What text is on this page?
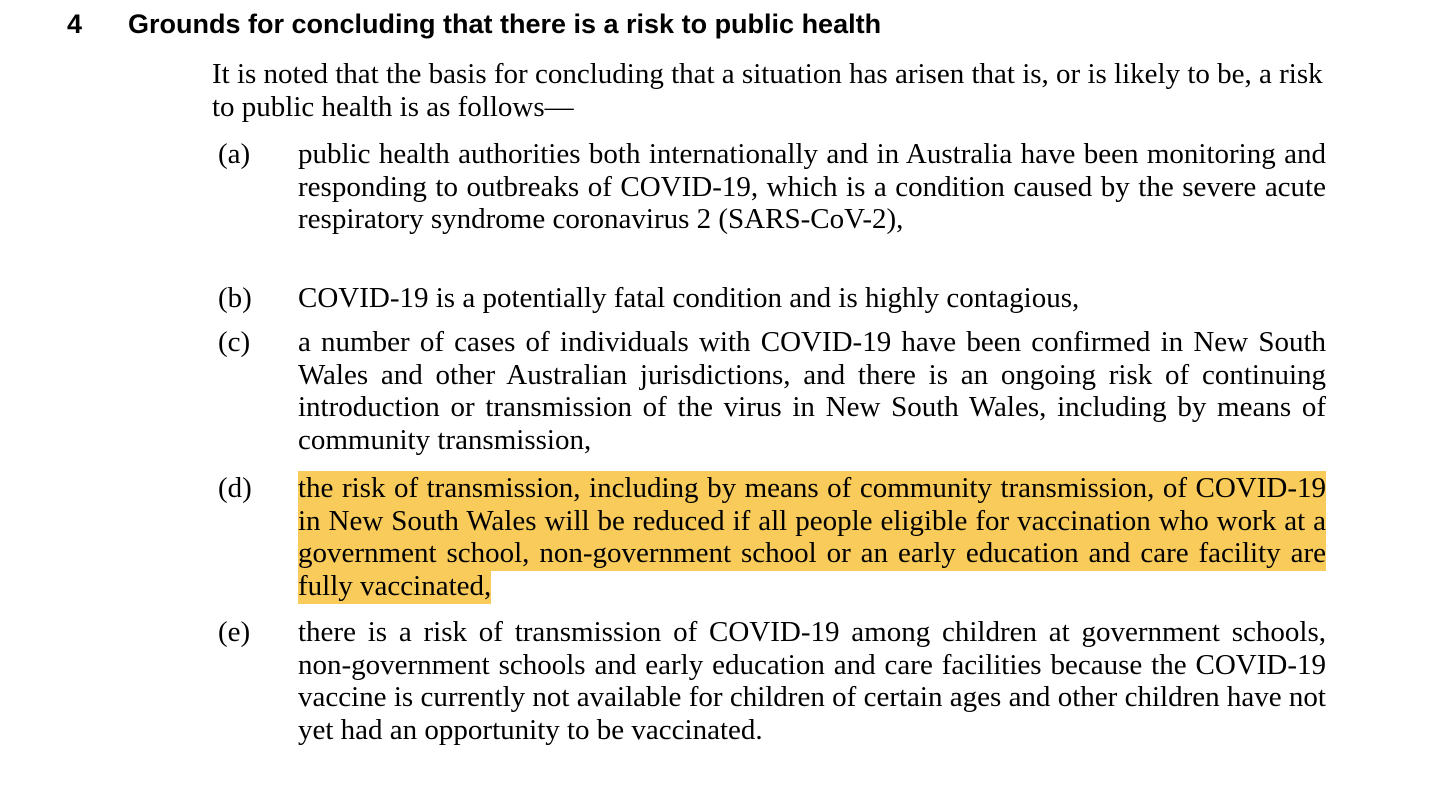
4 Grounds for concluding that there is a risk to public health

It is noted that the basis for concluding that a situation has arisen that is, or is likely to be, a risk to public health is as follows—

(a) public health authorities both internationally and in Australia have been monitoring and responding to outbreaks of COVID-19, which is a condition caused by the severe acute respiratory syndrome coronavirus 2 (SARS-CoV-2),
(b) COVID-19 is a potentially fatal condition and is highly contagious,
(c) a number of cases of individuals with COVID-19 have been confirmed in New South Wales and other Australian jurisdictions, and there is an ongoing risk of continuing introduction or transmission of the virus in New South Wales, including by means of community transmission,
(d) the risk of transmission, including by means of community transmission, of COVID-19 in New South Wales will be reduced if all people eligible for vaccination who work at a government school, non-government school or an early education and care facility are fully vaccinated,
(e) there is a risk of transmission of COVID-19 among children at government schools, non-government schools and early education and care facilities because the COVID-19 vaccine is currently not available for children of certain ages and other children have not yet had an opportunity to be vaccinated.
